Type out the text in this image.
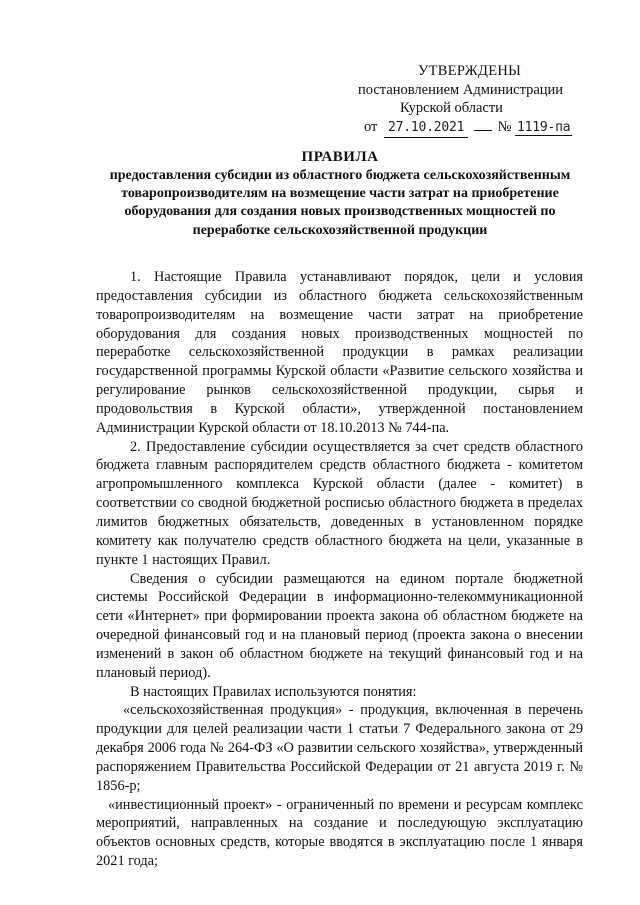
УТВЕРЖДЕНЫ
постановлением Администрации
Курской области
от 27.10.2021 № 1119-па
ПРАВИЛА
предоставления субсидии из областного бюджета сельскохозяйственным товаропроизводителям на возмещение части затрат на приобретение оборудования для создания новых производственных мощностей по переработке сельскохозяйственной продукции

1. Настоящие Правила устанавливают порядок, цели и условия предоставления субсидии из областного бюджета сельскохозяйственным товаропроизводителям на возмещение части затрат на приобретение оборудования для создания новых производственных мощностей по переработке сельскохозяйственной продукции в рамках реализации государственной программы Курской области «Развитие сельского хозяйства и регулирование рынков сельскохозяйственной продукции, сырья и продовольствия в Курской области», утвержденной постановлением Администрации Курской области от 18.10.2013 № 744-па.

2. Предоставление субсидии осуществляется за счет средств областного бюджета главным распорядителем средств областного бюджета - комитетом агропромышленного комплекса Курской области (далее - комитет) в соответствии со сводной бюджетной росписью областного бюджета в пределах лимитов бюджетных обязательств, доведенных в установленном порядке комитету как получателю средств областного бюджета на цели, указанные в пункте 1 настоящих Правил.

Сведения о субсидии размещаются на едином портале бюджетной системы Российской Федерации в информационно-телекоммуникационной сети «Интернет» при формировании проекта закона об областном бюджете на очередной финансовый год и на плановый период (проекта закона о внесении изменений в закон об областном бюджете на текущий финансовый год и на плановый период).

В настоящих Правилах используются понятия:

«сельскохозяйственная продукция» - продукция, включенная в перечень продукции для целей реализации части 1 статьи 7 Федерального закона от 29 декабря 2006 года № 264-ФЗ «О развитии сельского хозяйства», утвержденный распоряжением Правительства Российской Федерации от 21 августа 2019 г. № 1856-р;

«инвестиционный проект» - ограниченный по времени и ресурсам комплекс мероприятий, направленных на создание и последующую эксплуатацию объектов основных средств, которые вводятся в эксплуатацию после 1 января 2021 года;
